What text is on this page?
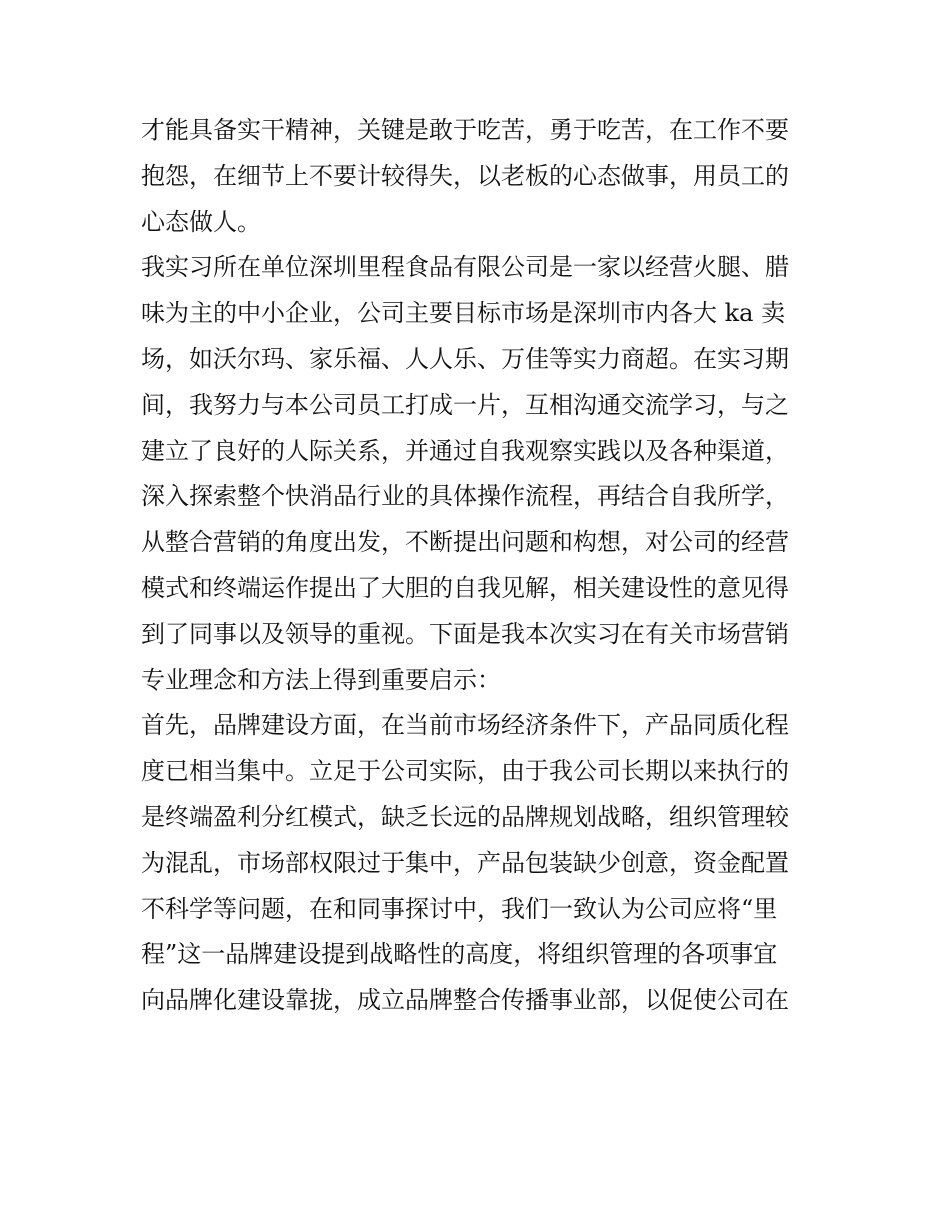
才能具备实干精神，关键是敢于吃苦，勇于吃苦，在工作不要
抱怨，在细节上不要计较得失，以老板的心态做事，用员工的
心态做人。
我实习所在单位深圳里程食品有限公司是一家以经营火腿、腊
味为主的中小企业，公司主要目标市场是深圳市内各大 ka 卖
场，如沃尔玛、家乐福、人人乐、万佳等实力商超。在实习期
间，我努力与本公司员工打成一片，互相沟通交流学习，与之
建立了良好的人际关系，并通过自我观察实践以及各种渠道，
深入探索整个快消品行业的具体操作流程，再结合自我所学，
从整合营销的角度出发，不断提出问题和构想，对公司的经营
模式和终端运作提出了大胆的自我见解，相关建设性的意见得
到了同事以及领导的重视。下面是我本次实习在有关市场营销
专业理念和方法上得到重要启示：
首先，品牌建设方面，在当前市场经济条件下，产品同质化程
度已相当集中。立足于公司实际，由于我公司长期以来执行的
是终端盈利分红模式，缺乏长远的品牌规划战略，组织管理较
为混乱，市场部权限过于集中，产品包装缺少创意，资金配置
不科学等问题，在和同事探讨中，我们一致认为公司应将“里
程”这一品牌建设提到战略性的高度，将组织管理的各项事宜
向品牌化建设靠拢，成立品牌整合传播事业部，以促使公司在
